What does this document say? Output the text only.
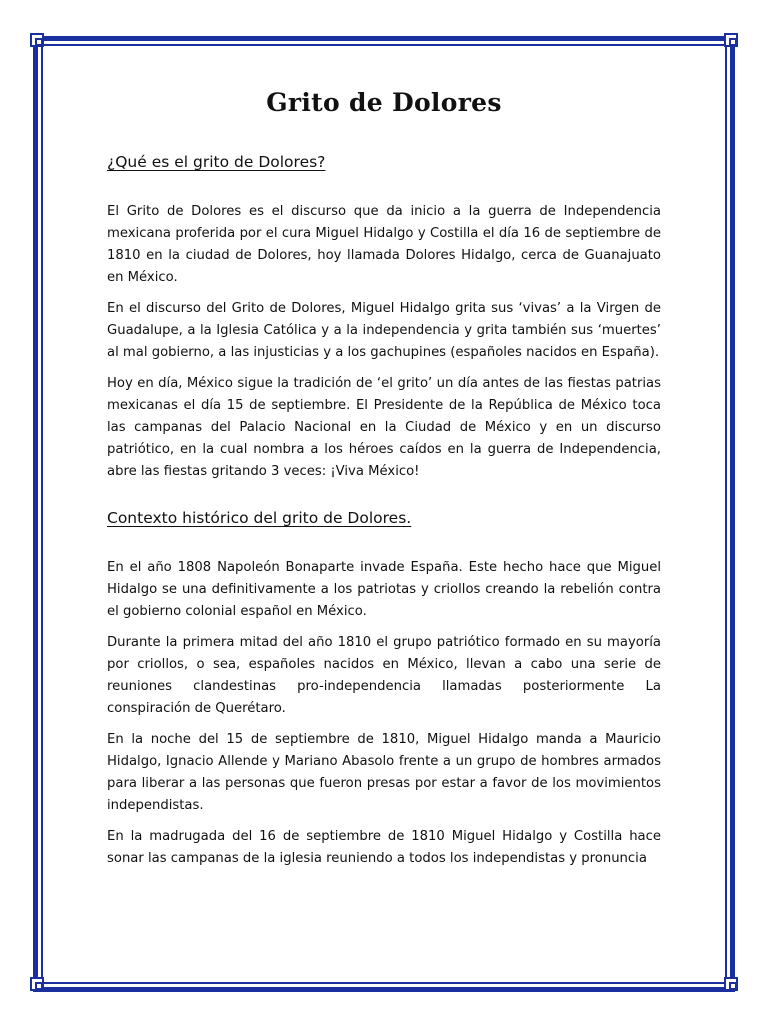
Grito de Dolores
¿Qué es el grito de Dolores?

El Grito de Dolores es el discurso que da inicio a la guerra de Independencia mexicana proferida por el cura Miguel Hidalgo y Costilla el día 16 de septiembre de 1810 en la ciudad de Dolores, hoy llamada Dolores Hidalgo, cerca de Guanajuato en México.

En el discurso del Grito de Dolores, Miguel Hidalgo grita sus ‘vivas’ a la Virgen de Guadalupe, a la Iglesia Católica y a la independencia y grita también sus ‘muertes’ al mal gobierno, a las injusticias y a los gachupines (españoles nacidos en España).

Hoy en día, México sigue la tradición de ‘el grito’ un día antes de las fiestas patrias mexicanas el día 15 de septiembre. El Presidente de la República de México toca las campanas del Palacio Nacional en la Ciudad de México y en un discurso patriótico, en la cual nombra a los héroes caídos en la guerra de Independencia, abre las fiestas gritando 3 veces: ¡Viva México!

Contexto histórico del grito de Dolores.

En el año 1808 Napoleón Bonaparte invade España. Este hecho hace que Miguel Hidalgo se una definitivamente a los patriotas y criollos creando la rebelión contra el gobierno colonial español en México.

Durante la primera mitad del año 1810 el grupo patriótico formado en su mayoría por criollos, o sea, españoles nacidos en México, llevan a cabo una serie de reuniones clandestinas pro-independencia llamadas posteriormente La conspiración de Querétaro.

En la noche del 15 de septiembre de 1810, Miguel Hidalgo manda a Mauricio Hidalgo, Ignacio Allende y Mariano Abasolo frente a un grupo de hombres armados para liberar a las personas que fueron presas por estar a favor de los movimientos independistas.

En la madrugada del 16 de septiembre de 1810 Miguel Hidalgo y Costilla hace sonar las campanas de la iglesia reuniendo a todos los independistas y pronuncia
